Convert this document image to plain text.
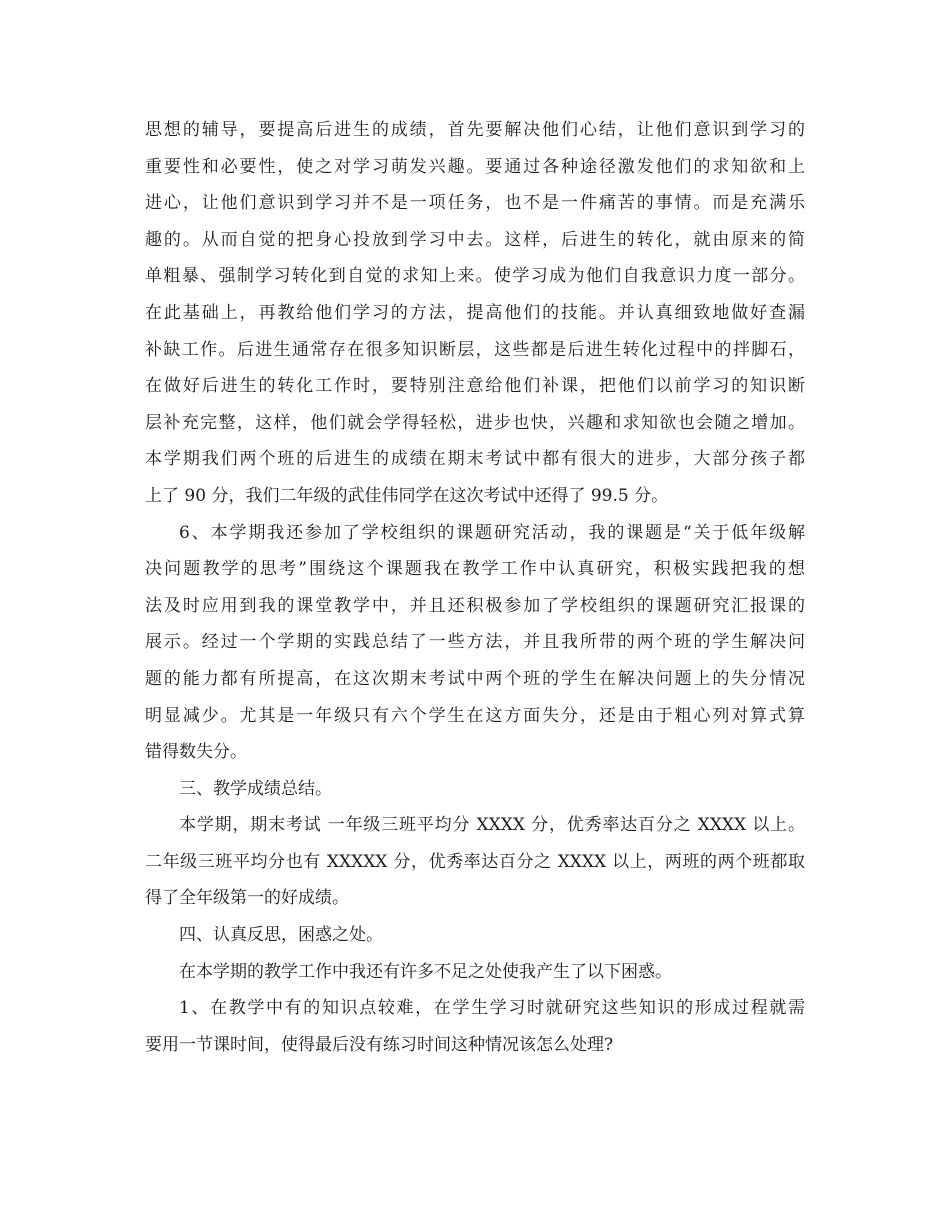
思想的辅导，要提高后进生的成绩，首先要解决他们心结，让他们意识到学习的
重要性和必要性，使之对学习萌发兴趣。要通过各种途径激发他们的求知欲和上
进心，让他们意识到学习并不是一项任务，也不是一件痛苦的事情。而是充满乐
趣的。从而自觉的把身心投放到学习中去。这样，后进生的转化，就由原来的简
单粗暴、强制学习转化到自觉的求知上来。使学习成为他们自我意识力度一部分。
在此基础上，再教给他们学习的方法，提高他们的技能。并认真细致地做好查漏
补缺工作。后进生通常存在很多知识断层，这些都是后进生转化过程中的拌脚石，
在做好后进生的转化工作时，要特别注意给他们补课，把他们以前学习的知识断
层补充完整，这样，他们就会学得轻松，进步也快，兴趣和求知欲也会随之增加。
本学期我们两个班的后进生的成绩在期末考试中都有很大的进步，大部分孩子都
上了 90 分，我们二年级的武佳伟同学在这次考试中还得了 99.5 分。
6、本学期我还参加了学校组织的课题研究活动，我的课题是“关于低年级解
决问题教学的思考”围绕这个课题我在教学工作中认真研究，积极实践把我的想
法及时应用到我的课堂教学中，并且还积极参加了学校组织的课题研究汇报课的
展示。经过一个学期的实践总结了一些方法，并且我所带的两个班的学生解决问
题的能力都有所提高，在这次期末考试中两个班的学生在解决问题上的失分情况
明显减少。尤其是一年级只有六个学生在这方面失分，还是由于粗心列对算式算
错得数失分。
三、教学成绩总结。
本学期，期末考试 一年级三班平均分 XXXX 分，优秀率达百分之 XXXX 以上。
二年级三班平均分也有 XXXXX 分，优秀率达百分之 XXXX 以上，两班的两个班都取
得了全年级第一的好成绩。
四、认真反思，困惑之处。
在本学期的教学工作中我还有许多不足之处使我产生了以下困惑。
1、在教学中有的知识点较难，在学生学习时就研究这些知识的形成过程就需
要用一节课时间，使得最后没有练习时间这种情况该怎么处理?
